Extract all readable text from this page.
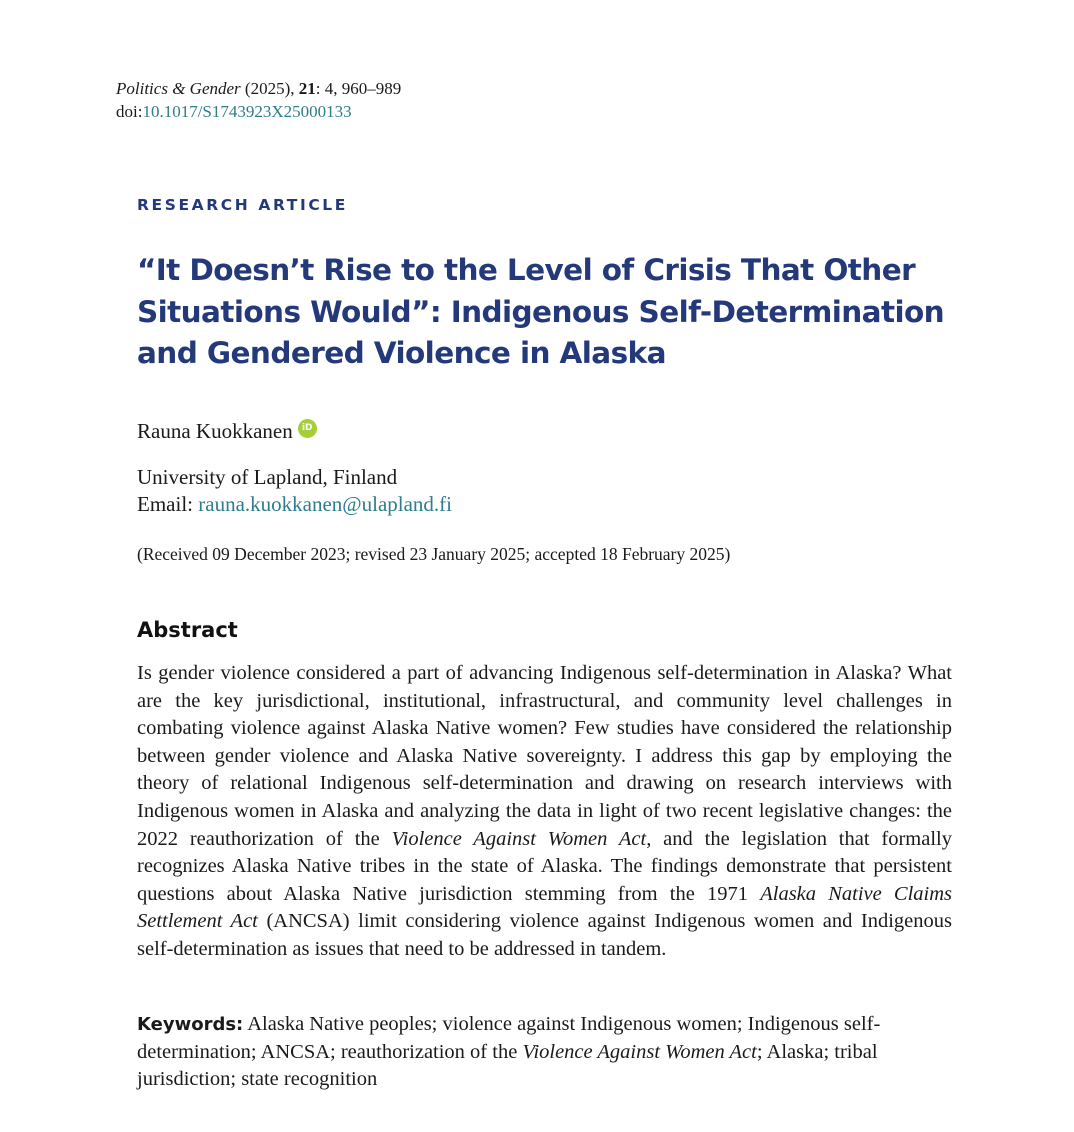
Politics & Gender (2025), 21: 4, 960–989
doi:10.1017/S1743923X25000133
RESEARCH ARTICLE
“It Doesn’t Rise to the Level of Crisis That Other Situations Would”: Indigenous Self-Determination and Gendered Violence in Alaska
Rauna Kuokkanen	iD
University of Lapland, Finland
Email: rauna.kuokkanen@ulapland.fi
(Received 09 December 2023; revised 23 January 2025; accepted 18 February 2025)
Abstract

Is gender violence considered a part of advancing Indigenous self-determination in Alaska? What are the key jurisdictional, institutional, infrastructural, and community level challenges in combating violence against Alaska Native women? Few studies have considered the relationship between gender violence and Alaska Native sovereignty. I address this gap by employing the theory of relational Indigenous self-determination and drawing on research interviews with Indigenous women in Alaska and analyzing the data in light of two recent legislative changes: the 2022 reauthorization of the Violence Against Women Act, and the legislation that formally recognizes Alaska Native tribes in the state of Alaska. The findings demonstrate that persistent questions about Alaska Native jurisdiction stemming from the 1971 Alaska Native Claims Settlement Act (ANCSA) limit considering violence against Indigenous women and Indigenous self-determination as issues that need to be addressed in tandem.

Keywords: Alaska Native peoples; violence against Indigenous women; Indigenous self-determination; ANCSA; reauthorization of the Violence Against Women Act; Alaska; tribal jurisdiction; state recognition
